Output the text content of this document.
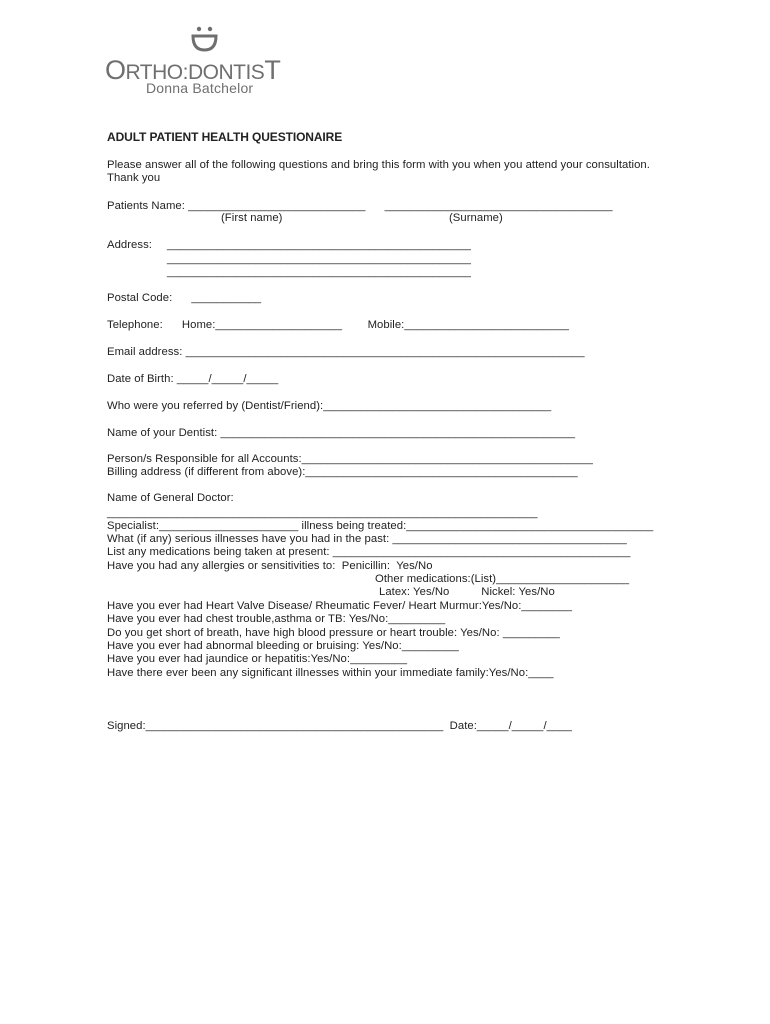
ORTHO:DONTIST
Donna Batchelor
ADULT PATIENT HEALTH QUESTIONAIRE
Please answer all of the following questions and bring this form with you when you attend your consultation.
Thank you
Patients Name: ____________________________      ____________________________________
(First name)	(Surname)
Address: ________________________________________________
________________________________________________
________________________________________________
Postal Code:      ___________
Telephone:      Home:____________________        Mobile:__________________________
Email address: _______________________________________________________________
Date of Birth: _____/_____/_____
Who were you referred by (Dentist/Friend):____________________________________
Name of your Dentist: ________________________________________________________
Person/s Responsible for all Accounts:______________________________________________
Billing address (if different from above):___________________________________________
Name of General Doctor:
____________________________________________________________________
Specialist:______________________ illness being treated:_______________________________________
What (if any) serious illnesses have you had in the past: _____________________________________
List any medications being taken at present: _______________________________________________
Have you had any allergies or sensitivities to:  Penicillin:  Yes/No
Other medications:(List)_____________________
Latex: Yes/No          Nickel: Yes/No
Have you ever had Heart Valve Disease/ Rheumatic Fever/ Heart Murmur:Yes/No:________
Have you ever had chest trouble,asthma or TB: Yes/No:_________
Do you get short of breath, have high blood pressure or heart trouble: Yes/No: _________
Have you ever had abnormal bleeding or bruising: Yes/No:_________
Have you ever had jaundice or hepatitis:Yes/No:_________
Have there ever been any significant illnesses within your immediate family:Yes/No:____
Signed:_______________________________________________  Date:_____/_____/____
